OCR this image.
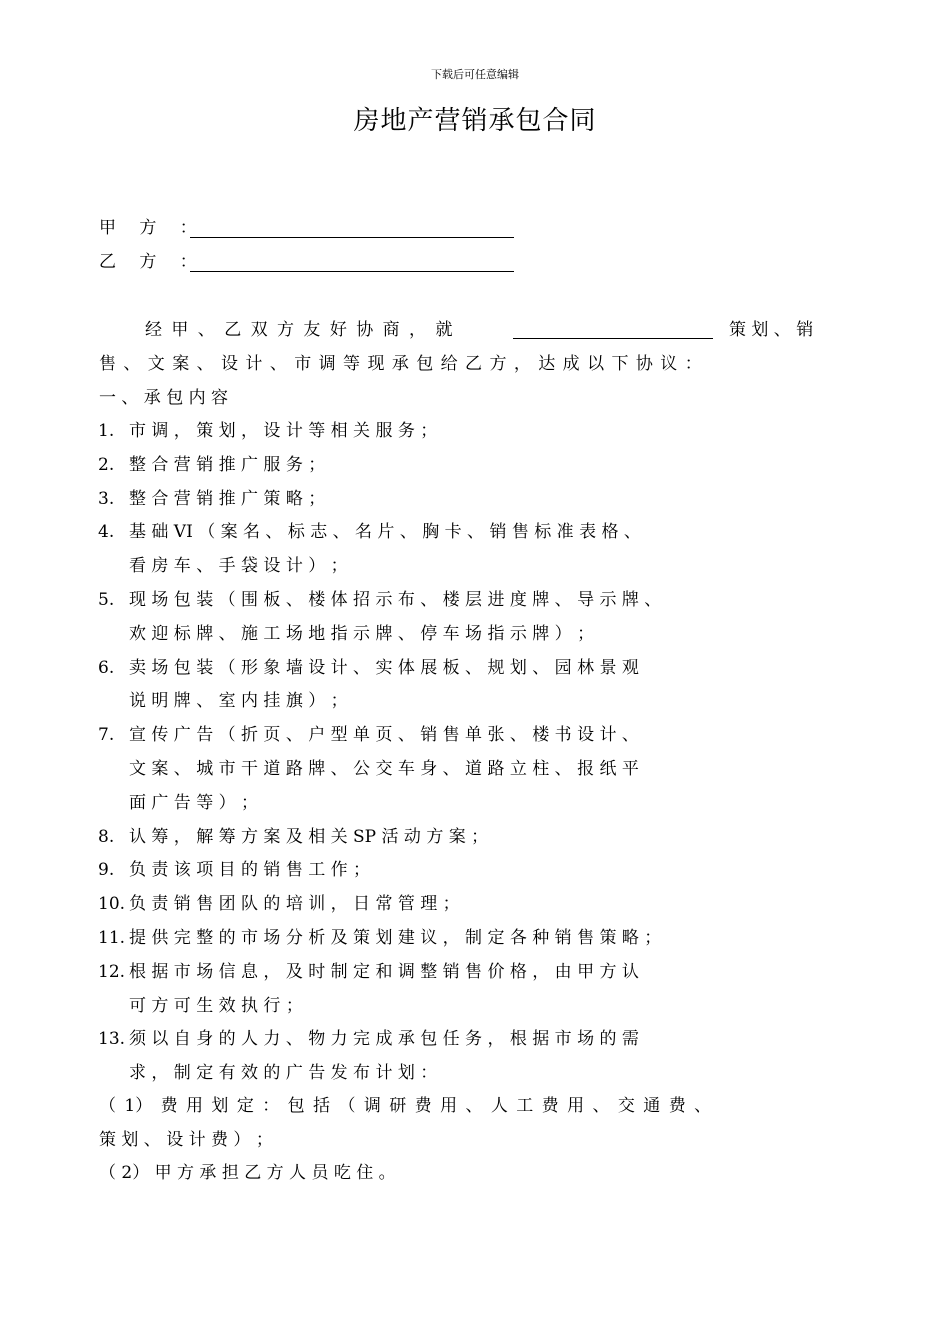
下载后可任意编辑
房地产营销承包合同
甲 方 ：
乙 方 ：
经 甲 、 乙 双 方 友 好 协 商 ， 就	策 划 、 销
售 、 文 案 、 设 计 、 市 调 等 现 承 包 给 乙 方 ， 达 成 以 下 协 议 ：
一 、 承 包 内 容
1. 市 调 ， 策 划 ， 设 计 等 相 关 服 务 ；
2. 整 合 营 销 推 广 服 务 ；
3. 整 合 营 销 推 广 策 略 ；
4. 基 础 VI （ 案 名 、 标 志 、 名 片 、 胸 卡 、 销 售 标 准 表 格 、
看 房 车 、 手 袋 设 计 ） ；
5. 现 场 包 装 （ 围 板 、 楼 体 招 示 布 、 楼 层 进 度 牌 、 导 示 牌 、
欢 迎 标 牌 、 施 工 场 地 指 示 牌 、 停 车 场 指 示 牌 ） ；
6. 卖 场 包 装 （ 形 象 墙 设 计 、 实 体 展 板 、 规 划 、 园 林 景 观
说 明 牌 、 室 内 挂 旗 ） ；
7. 宣 传 广 告 （ 折 页 、 户 型 单 页 、 销 售 单 张 、 楼 书 设 计 、
文 案 、 城 市 干 道 路 牌 、 公 交 车 身 、 道 路 立 柱 、 报 纸 平
面 广 告 等 ） ；
8. 认 筹 ， 解 筹 方 案 及 相 关 SP 活 动 方 案 ；
9. 负 责 该 项 目 的 销 售 工 作 ；
10. 负 责 销 售 团 队 的 培 训 ， 日 常 管 理 ；
11. 提 供 完 整 的 市 场 分 析 及 策 划 建 议 ， 制 定 各 种 销 售 策 略 ；
12. 根 据 市 场 信 息 ， 及 时 制 定 和 调 整 销 售 价 格 ， 由 甲 方 认
可 方 可 生 效 执 行 ；
13. 须 以 自 身 的 人 力 、 物 力 完 成 承 包 任 务 ， 根 据 市 场 的 需
求 ， 制 定 有 效 的 广 告 发 布 计 划 ：
（ 1） 费 用 划 定 ： 包 括 （ 调 研 费 用 、 人 工 费 用 、 交 通 费 、
策 划 、 设 计 费 ） ；
（ 2） 甲 方 承 担 乙 方 人 员 吃 住 。
